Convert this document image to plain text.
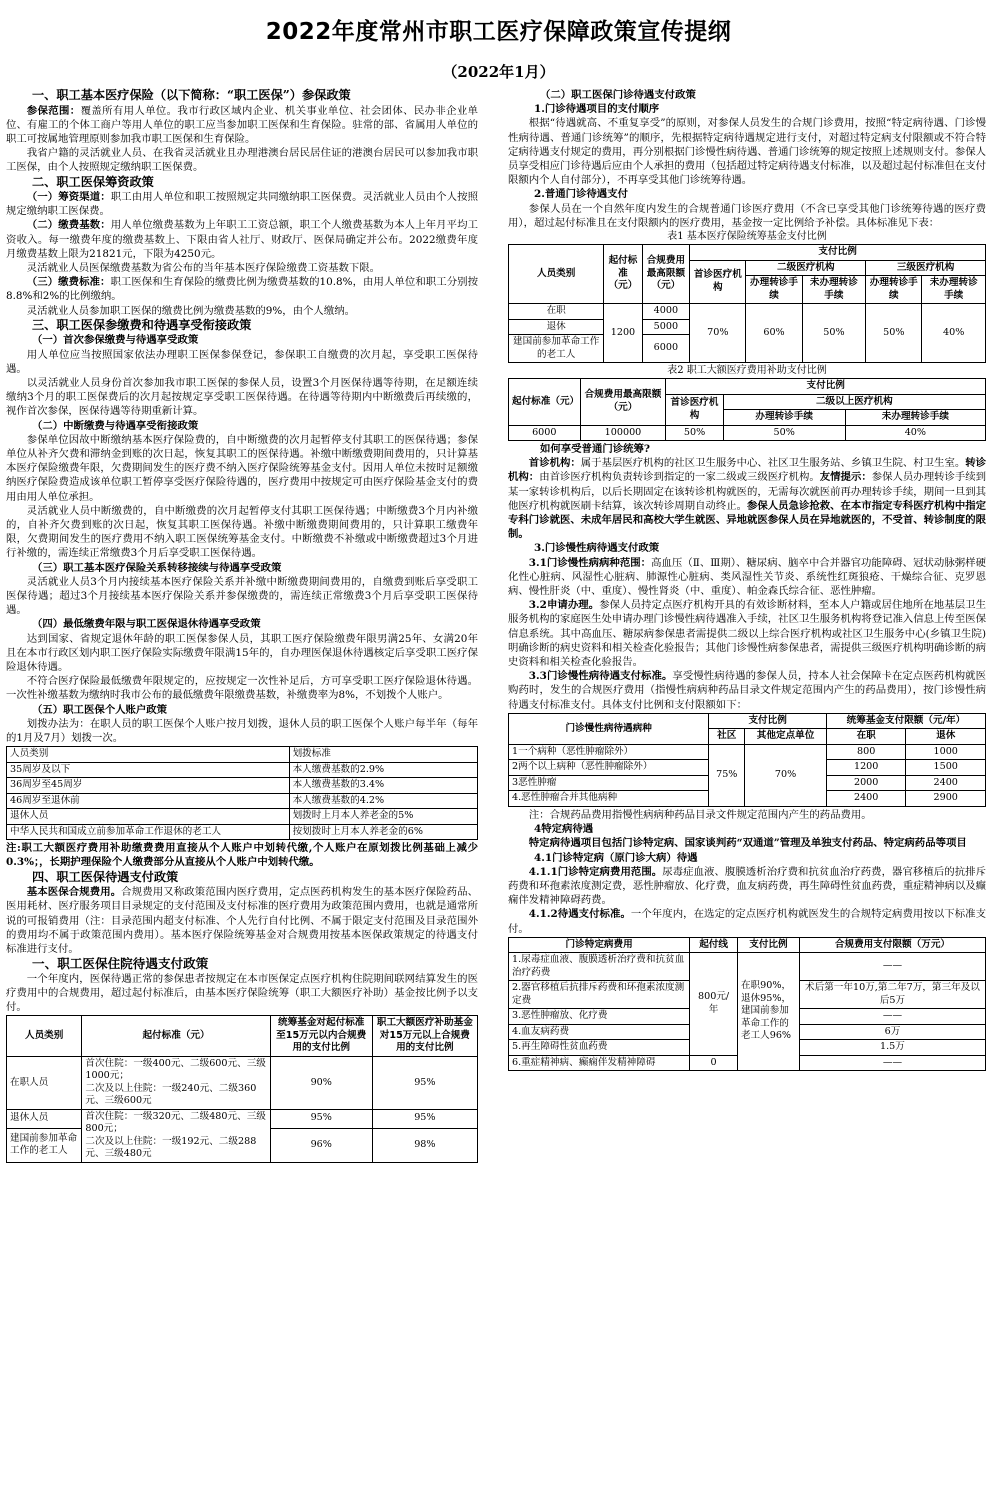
2022年度常州市职工医疗保障政策宣传提纲
（2022年1月）

一、职工基本医疗保险（以下简称：“职工医保”）参保政策

参保范围：覆盖所有用人单位。我市行政区域内企业、机关事业单位、社会团体、民办非企业单位、有雇工的个体工商户等用人单位的职工应当参加职工医保和生育保险。驻常的部、省属用人单位的职工可按属地管理原则参加我市职工医保和生育保险。

我省户籍的灵活就业人员、在我省灵活就业且办理港澳台居民居住证的港澳台居民可以参加我市职工医保，由个人按照规定缴纳职工医保费。

二、职工医保筹资政策

（一）筹资渠道：职工由用人单位和职工按照规定共同缴纳职工医保费。灵活就业人员由个人按照规定缴纳职工医保费。

（二）缴费基数：用人单位缴费基数为上年职工工资总额，职工个人缴费基数为本人上年月平均工资收入。每一缴费年度的缴费基数上、下限由省人社厅、财政厅、医保局确定并公布。2022缴费年度月缴费基数上限为21821元，下限为4250元。

灵活就业人员医保缴费基数为省公布的当年基本医疗保险缴费工资基数下限。

（三）缴费标准：职工医保和生育保险的缴费比例为缴费基数的10.8%，由用人单位和职工分别按8.8%和2%的比例缴纳。

灵活就业人员参加职工医保的缴费比例为缴费基数的9%，由个人缴纳。

三、职工医保参缴费和待遇享受衔接政策

（一）首次参保缴费与待遇享受政策

用人单位应当按照国家依法办理职工医保参保登记，参保职工自缴费的次月起，享受职工医保待遇。

以灵活就业人员身份首次参加我市职工医保的参保人员，设置3个月医保待遇等待期，在足额连续缴纳3个月的职工医保费后的次月起按规定享受职工医保待遇。在待遇等待期内中断缴费后再续缴的，视作首次参保，医保待遇等待期重新计算。

（二）中断缴费与待遇享受衔接政策

参保单位因故中断缴纳基本医疗保险费的，自中断缴费的次月起暂停支付其职工的医保待遇；参保单位从补齐欠费和滞纳金到账的次日起，恢复其职工的医保待遇。补缴中断缴费期间费用的，只计算基本医疗保险缴费年限，欠费期间发生的医疗费不纳入医疗保险统筹基金支付。因用人单位未按时足额缴纳医疗保险费造成该单位职工暂停享受医疗保险待遇的，医疗费用中按规定可由医疗保险基金支付的费用由用人单位承担。

灵活就业人员中断缴费的，自中断缴费的次月起暂停支付其职工医保待遇；中断缴费3个月内补缴的，自补齐欠费到账的次日起，恢复其职工医保待遇。补缴中断缴费期间费用的，只计算职工缴费年限，欠费期间发生的医疗费用不纳入职工医保统筹基金支付。中断缴费不补缴或中断缴费超过3个月进行补缴的，需连续正常缴费3个月后享受职工医保待遇。

（三）职工基本医疗保险关系转移接续与待遇享受政策

灵活就业人员3个月内接续基本医疗保险关系并补缴中断缴费期间费用的，自缴费到账后享受职工医保待遇；超过3个月接续基本医疗保险关系并参保缴费的，需连续正常缴费3个月后享受职工医保待遇。

（四）最低缴费年限与职工医保退休待遇享受政策

达到国家、省规定退休年龄的职工医保参保人员，其职工医疗保险缴费年限男满25年、女满20年且在本市行政区划内职工医疗保险实际缴费年限满15年的，自办理医保退休待遇核定后享受职工医疗保险退休待遇。

不符合医疗保险最低缴费年限规定的，应按规定一次性补足后，方可享受职工医疗保险退休待遇。一次性补缴基数为缴纳时我市公布的最低缴费年限缴费基数，补缴费率为8%，不划拨个人账户。

（五）职工医保个人账户政策

划拨办法为：在职人员的职工医保个人账户按月划拨，退休人员的职工医保个人账户每半年（每年的1月及7月）划拨一次。

人员类别	划拨标准
35周岁及以下	本人缴费基数的2.9%
36周岁至45周岁	本人缴费基数的3.4%
46周岁至退休前	本人缴费基数的4.2%
退休人员	划拨时上月本人养老金的5%
中华人民共和国成立前参加革命工作退休的老工人	按划拨时上月本人养老金的6%

注:职工大额医疗费用补助缴费费用直接从个人账户中划转代缴,个人账户在原划拨比例基础上减少0.3%；，长期护理保险个人缴费部分从直接从个人账户中划转代缴。

四、职工医保待遇支付政策

基本医保合规费用。合规费用又称政策范围内医疗费用，定点医药机构发生的基本医疗保险药品、医用耗材、医疗服务项目目录规定的支付范围及支付标准的医疗费用为政策范围内费用，也就是通常所说的可报销费用（注：目录范围内超支付标准、个人先行自付比例、不属于限定支付范围及目录范围外的费用均不属于政策范围内费用）。基本医疗保险统筹基金对合规费用按基本医保政策规定的待遇支付标准进行支付。

一、职工医保住院待遇支付政策

一个年度内，医保待遇正常的参保患者按规定在本市医保定点医疗机构住院期间联网结算发生的医疗费用中的合规费用，超过起付标准后，由基本医疗保险统筹（职工大额医疗补助）基金按比例予以支付。

人员类别	起付标准（元）	统筹基金对起付标准至15万元以内合规费用的支付比例	职工大额医疗补助基金对15万元以上合规费用的支付比例
在职人员	首次住院：一级400元、二级600元、三级1000元；
二次及以上住院：一级240元、二级360元、三级600元	90%	95%
退休人员	首次住院：一级320元、二级480元、三级800元；
二次及以上住院：一级192元、二级288元、三级480元	95%	95%
建国前参加革命工作的老工人		96%	98%

（二）职工医保门诊待遇支付政策

1.门诊待遇项目的支付顺序

根据“待遇就高、不重复享受”的原则，对参保人员发生的合规门诊费用，按照“特定病待遇、门诊慢性病待遇、普通门诊统筹”的顺序，先根据特定病待遇规定进行支付，对超过特定病支付限额或不符合特定病待遇支付规定的费用，再分别根据门诊慢性病待遇、普通门诊统筹的规定按照上述规则支付。参保人员享受相应门诊待遇后应由个人承担的费用（包括超过特定病待遇支付标准，以及超过起付标准但在支付限额内个人自付部分），不再享受其他门诊统筹待遇。

2.普通门诊待遇支付

参保人员在一个自然年度内发生的合规普通门诊医疗费用（不含已享受其他门诊统筹待遇的医疗费用），超过起付标准且在支付限额内的医疗费用，基金按一定比例给予补偿。具体标准见下表：

表1 基本医疗保险统筹基金支付比例

人员类别	起付标准（元）	合规费用最高限额（元）	支付比例				
			首诊医疗机构	二级医疗机构		三级医疗机构	
				办理转诊手续	未办理转诊手续	办理转诊手续	未办理转诊手续
在职	1200	4000	70%	60%	50%	50%	40%
退休		5000					
建国前参加革命工作的老工人		6000					

表2 职工大额医疗费用补助支付比例

起付标准（元）	合规费用最高限额（元）	支付比例		
		首诊医疗机构	二级以上医疗机构	
			办理转诊手续	未办理转诊手续
6000	100000	50%	50%	40%

如何享受普通门诊统筹?

首诊机构：属于基层医疗机构的社区卫生服务中心、社区卫生服务站、乡镇卫生院、村卫生室。转诊机构：由首诊医疗机构负责转诊到指定的一家二级或三级医疗机构。友情提示：参保人员办理转诊手续到某一家转诊机构后，以后长期固定在该转诊机构就医的，无需每次就医前再办理转诊手续，期间一旦到其他医疗机构就医刷卡结算，该次转诊周期自动终止。参保人员急诊抢救、在本市指定专科医疗机构中指定专科门诊就医、未成年居民和高校大学生就医、异地就医参保人员在异地就医的，不受首、转诊制度的限制。

3.门诊慢性病待遇支付政策

3.1门诊慢性病病种范围：高血压（Ⅱ、Ⅲ期）、糖尿病、脑卒中合并器官功能障碍、冠状动脉粥样硬化性心脏病、风湿性心脏病、肺源性心脏病、类风湿性关节炎、系统性红斑狼疮、干燥综合征、克罗恩病、慢性肝炎（中、重度）、慢性肾炎（中、重度）、帕金森氏综合征、恶性肿瘤。

3.2申请办理。参保人员持定点医疗机构开具的有效诊断材料，至本人户籍或居住地所在地基层卫生服务机构的家庭医生处申请办理门诊慢性病待遇准入手续，社区卫生服务机构将登记准入信息上传至医保信息系统。其中高血压、糖尿病参保患者需提供二级以上综合医疗机构或社区卫生服务中心(乡镇卫生院)明确诊断的病史资料和相关检查化验报告；其他门诊慢性病参保患者，需提供三级医疗机构明确诊断的病史资料和相关检查化验报告。

3.3门诊慢性病待遇支付标准。享受慢性病待遇的参保人员，持本人社会保障卡在定点医药机构就医购药时，发生的合规医疗费用（指慢性病病种药品目录文件规定范围内产生的药品费用），按门诊慢性病待遇支付标准支付。具体支付比例和支付限额如下：

门诊慢性病待遇病种	支付比例		统筹基金支付限额（元/年）	
	社区	其他定点单位	在职	退休
1一个病种（恶性肿瘤除外）	75%	70%	800	1000
2两个以上病种（恶性肿瘤除外）			1200	1500
3恶性肿瘤			2000	2400
4.恶性肿瘤合并其他病种			2400	2900

注：合规药品费用指慢性病病种药品目录文件规定范围内产生的药品费用。

4特定病待遇

特定病待遇项目包括门诊特定病、国家谈判药“双通道”管理及单独支付药品、特定病药品等项目

4.1门诊特定病（原门诊大病）待遇

4.1.1门诊特定病费用范围。尿毒症血液、腹膜透析治疗费和抗贫血治疗药费，器官移植后的抗排斥药费和环孢素浓度测定费，恶性肿瘤放、化疗费，血友病药费，再生障碍性贫血药费，重症精神病以及癫痫伴发精神障碍药费。

4.1.2待遇支付标准。一个年度内，在选定的定点医疗机构就医发生的合规特定病费用按以下标准支付。

门诊特定病费用	起付线	支付比例	合规费用支付限额（万元）
1.尿毒症血液、腹膜透析治疗费和抗贫血治疗药费	800元/年	在职90%，退休95%，建国前参加革命工作的老工人96%	——
2.器官移植后抗排斥药费和环孢素浓度测定费			术后第一年10万,第二年7万，第三年及以后5万
3.恶性肿瘤放、化疗费			——
4.血友病药费			6万
5.再生障碍性贫血药费			1.5万
6.重症精神病、癫痫伴发精神障碍	0		——
